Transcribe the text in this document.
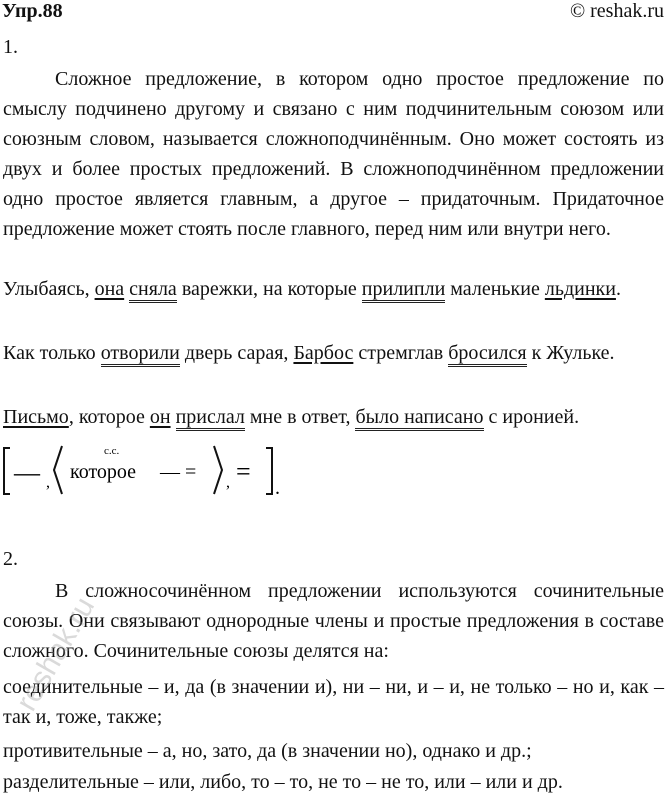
Упр.88	© reshak.ru
1.

Сложное предложение, в котором одно простое предложение по смыслу подчинено другому и связано с ним подчинительным союзом или союзным словом, называется сложноподчинённым. Оно может состоять из двух и более простых предложений. В сложноподчинённом предложении одно простое является главным, а другое – придаточным. Придаточное предложение может стоять после главного, перед ним или внутри него.

Улыбаясь, она сняла варежки, на которые прилипли маленькие льдинки.

Как только отворили дверь сарая, Барбос стремглав бросился к Жульке.

Письмо, которое он прислал мне в ответ, было написано с иронией.

— ,
с.с.
которое — = , =
.
2.

В сложносочинённом предложении используются сочинительные союзы. Они связывают однородные члены и простые предложения в составе сложного. Сочинительные союзы делятся на:

соединительные – и, да (в значении и), ни – ни, и – и, не только – но и, как – так и, тоже, также;

противительные – а, но, зато, да (в значении но), однако и др.;

разделительные – или, либо, то – то, не то – не то, или – или и др.

reshak.ru
